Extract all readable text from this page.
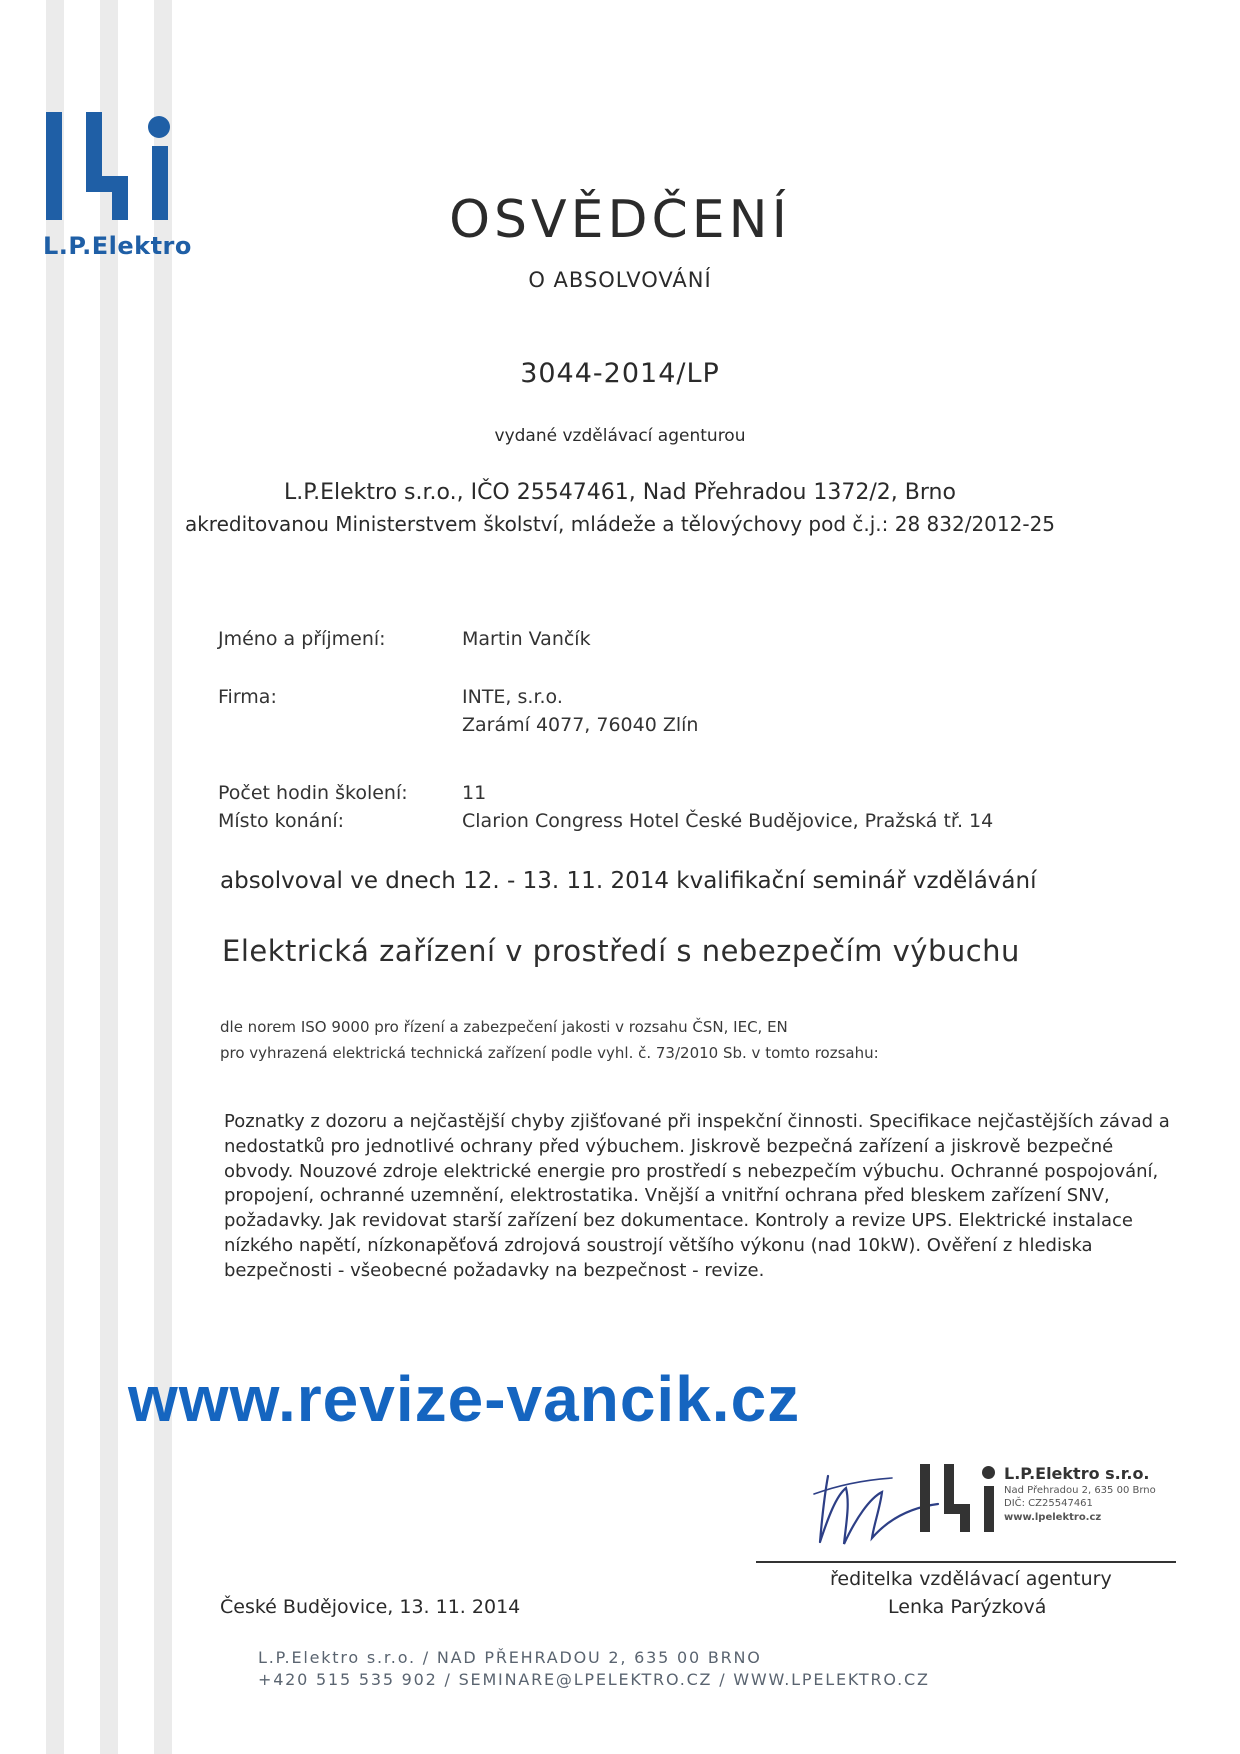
L.P.Elektro	OSVĚDČENÍ

O ABSOLVOVÁNÍ

3044-2014/LP

vydané vzdělávací agenturou

L.P.Elektro s.r.o., IČO 25547461, Nad Přehradou 1372/2, Brno

akreditovanou Ministerstvem školství, mládeže a tělovýchovy pod č.j.: 28 832/2012-25

Jméno a příjmení:	Martin Vančík

Firma:	INTE, s.r.o.

Zarámí 4077, 76040 Zlín

Počet hodin školení:	11

Místo konání:	Clarion Congress Hotel České Budějovice, Pražská tř. 14

absolvoval ve dnech 12. - 13. 11. 2014 kvalifikační seminář vzdělávání

Elektrická zařízení v prostředí s nebezpečím výbuchu

dle norem ISO 9000 pro řízení a zabezpečení jakosti v rozsahu ČSN, IEC, EN

pro vyhrazená elektrická technická zařízení podle vyhl. č. 73/2010 Sb. v tomto rozsahu:

Poznatky z dozoru a nejčastější chyby zjišťované při inspekční činnosti. Specifikace nejčastějších závad a nedostatků pro jednotlivé ochrany před výbuchem. Jiskrově bezpečná zařízení a jiskrově bezpečné obvody. Nouzové zdroje elektrické energie pro prostředí s nebezpečím výbuchu. Ochranné pospojování, propojení, ochranné uzemnění, elektrostatika. Vnější a vnitřní ochrana před bleskem zařízení SNV, požadavky. Jak revidovat starší zařízení bez dokumentace. Kontroly a revize UPS. Elektrické instalace nízkého napětí, nízkonapěťová zdrojová soustrojí většího výkonu (nad 10kW). Ověření z hlediska bezpečnosti - všeobecné požadavky na bezpečnost - revize.

www.revize-vancik.cz

L.P.Elektro s.r.o.

Nad Přehradou 2, 635 00 Brno

DIČ: CZ25547461

www.lpelektro.cz

ředitelka vzdělávací agentury

Lenka Parýzková

České Budějovice, 13. 11. 2014

L.P.Elektro s.r.o. / NAD PŘEHRADOU 2, 635 00 BRNO

+420 515 535 902 / SEMINARE@LPELEKTRO.CZ / WWW.LPELEKTRO.CZ
